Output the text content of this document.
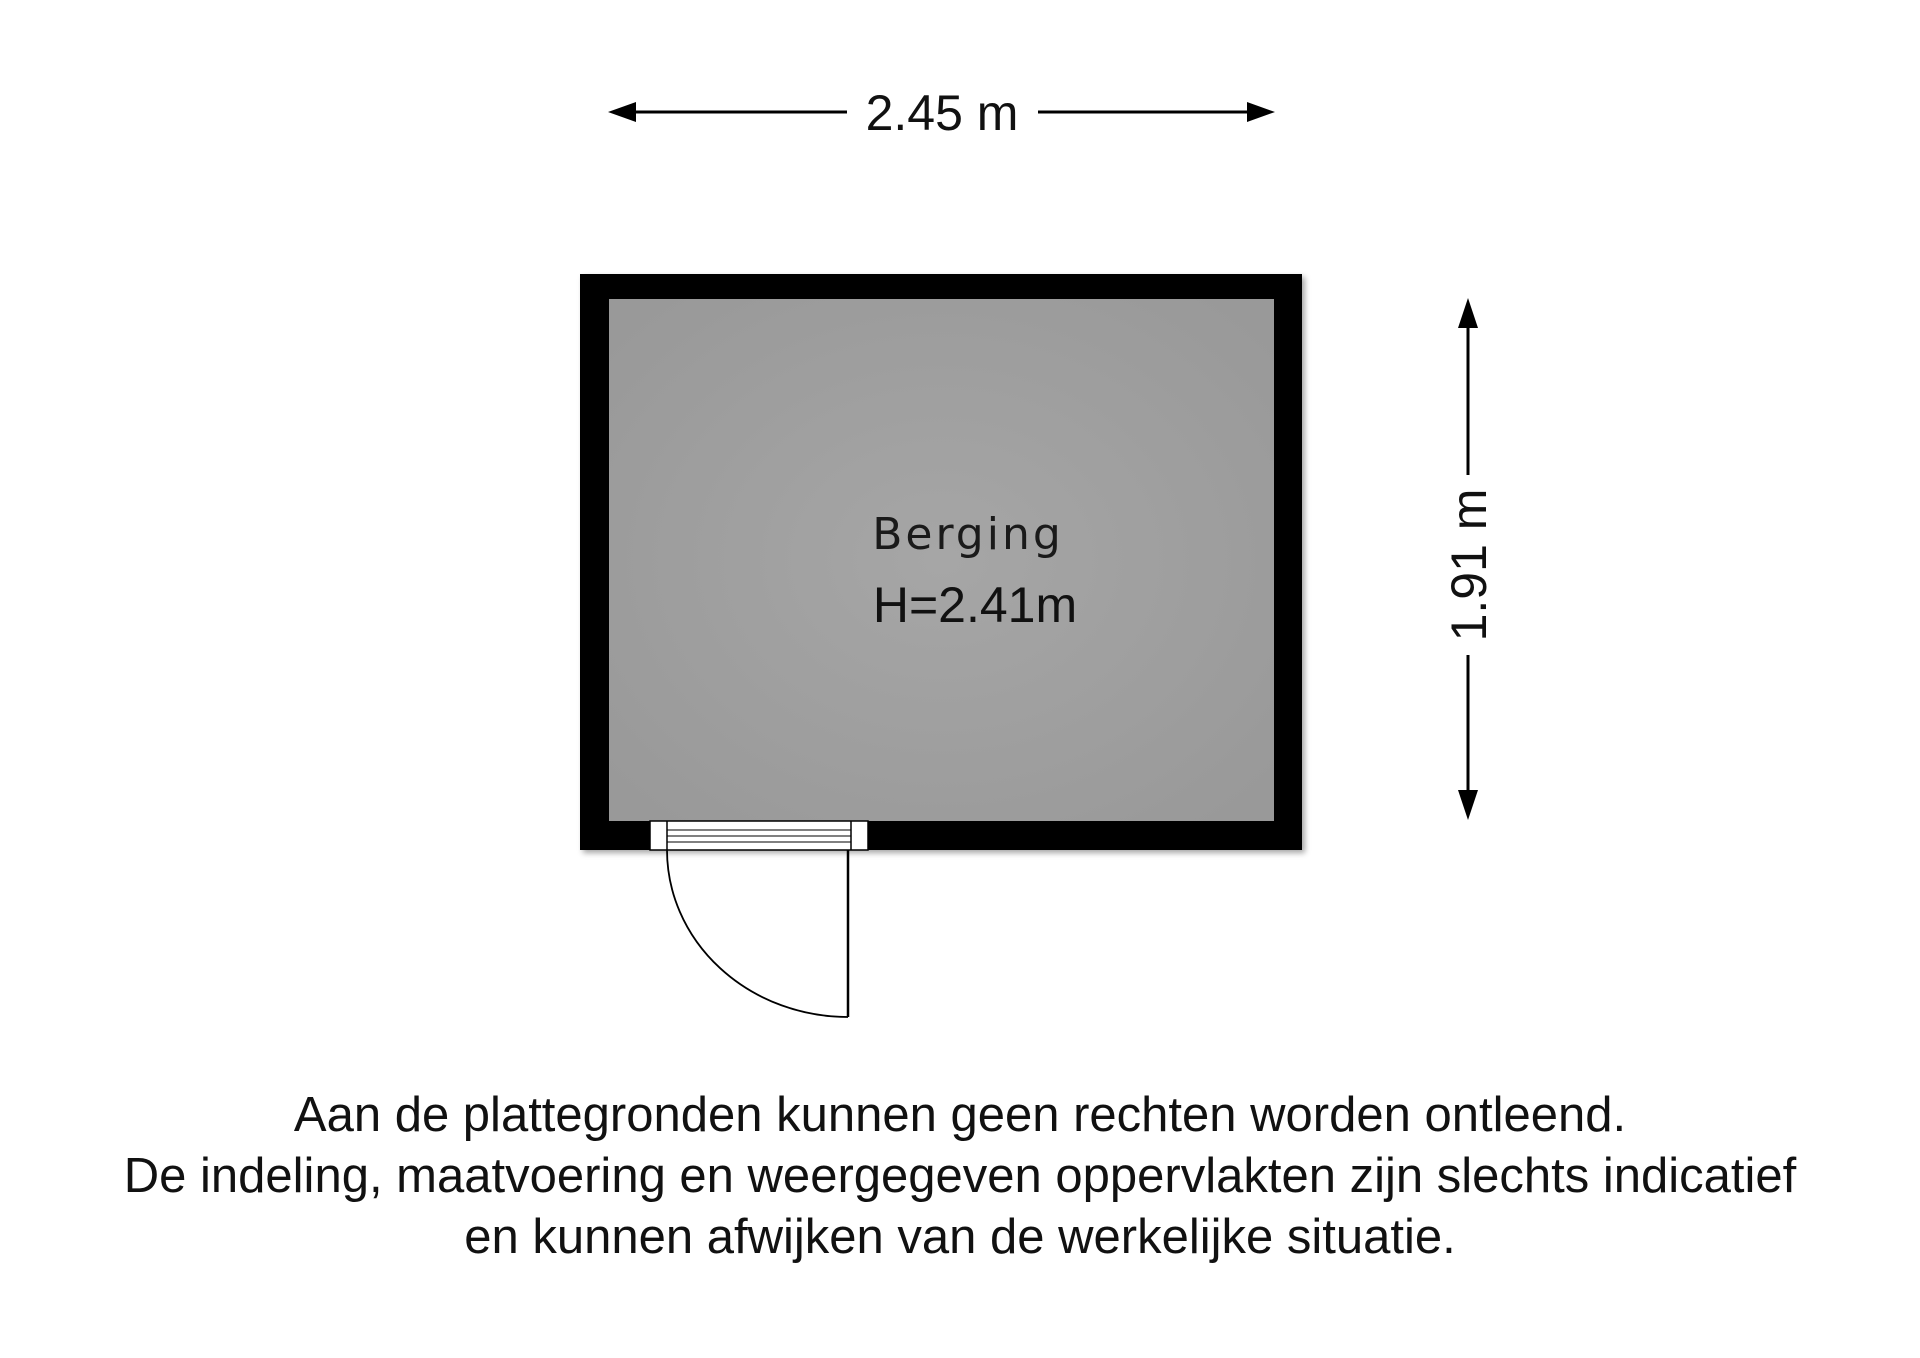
2.45 m
1.91 m
Berging
H=2.41m
Aan de plattegronden kunnen geen rechten worden ontleend.
De indeling, maatvoering en weergegeven oppervlakten zijn slechts indicatief
en kunnen afwijken van de werkelijke situatie.
